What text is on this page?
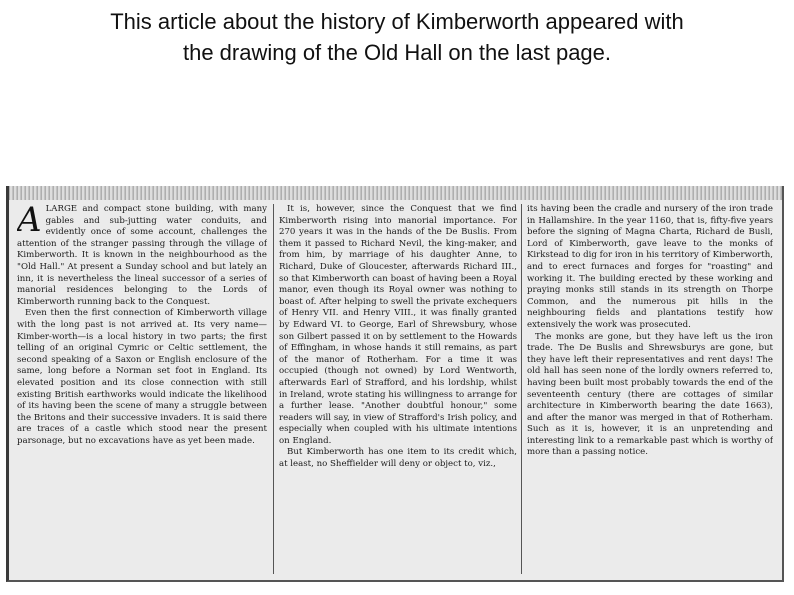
This article about the history of Kimberworth appeared with
the drawing of the Old Hall on the last page.

ALARGE and compact stone building, with many gables and sub-jutting water conduits, and evidently once of some account, challenges the attention of the stranger passing through the village of Kimberworth. It is known in the neighbourhood as the "Old Hall." At present a Sunday school and but lately an inn, it is nevertheless the lineal successor of a series of manorial residences belonging to the Lords of Kimberworth running back to the Conquest.

Even then the first connection of Kimberworth village with the long past is not arrived at. Its very name—Kimber-worth—is a local history in two parts; the first telling of an original Cymric or Celtic settlement, the second speaking of a Saxon or English enclosure of the same, long before a Norman set foot in England. Its elevated position and its close connection with still existing British earthworks would indicate the likelihood of its having been the scene of many a struggle between the Britons and their successive invaders. It is said there are traces of a castle which stood near the present parsonage, but no excavations have as yet been made.

It is, however, since the Conquest that we find Kimberworth rising into manorial importance. For 270 years it was in the hands of the De Buslis. From them it passed to Richard Nevil, the king-maker, and from him, by marriage of his daughter Anne, to Richard, Duke of Gloucester, afterwards Richard III., so that Kimberworth can boast of having been a Royal manor, even though its Royal owner was nothing to boast of. After helping to swell the private exchequers of Henry VII. and Henry VIII., it was finally granted by Edward VI. to George, Earl of Shrewsbury, whose son Gilbert passed it on by settlement to the Howards of Effingham, in whose hands it still remains, as part of the manor of Rotherham. For a time it was occupied (though not owned) by Lord Wentworth, afterwards Earl of Strafford, and his lordship, whilst in Ireland, wrote stating his willingness to arrange for a further lease. "Another doubtful honour," some readers will say, in view of Strafford's Irish policy, and especially when coupled with his ultimate intentions on England.

But Kimberworth has one item to its credit which, at least, no Sheffielder will deny or object to, viz.,

its having been the cradle and nursery of the iron trade in Hallamshire. In the year 1160, that is, fifty-five years before the signing of Magna Charta, Richard de Busli, Lord of Kimberworth, gave leave to the monks of Kirkstead to dig for iron in his territory of Kimberworth, and to erect furnaces and forges for "roasting" and working it. The building erected by these working and praying monks still stands in its strength on Thorpe Common, and the numerous pit hills in the neighbouring fields and plantations testify how extensively the work was prosecuted.

The monks are gone, but they have left us the iron trade. The De Buslis and Shrewsburys are gone, but they have left their representatives and rent days! The old hall has seen none of the lordly owners referred to, having been built most probably towards the end of the seventeenth century (there are cottages of similar architecture in Kimberworth bearing the date 1663), and after the manor was merged in that of Rotherham. Such as it is, however, it is an unpretending and interesting link to a remarkable past which is worthy of more than a passing notice.
